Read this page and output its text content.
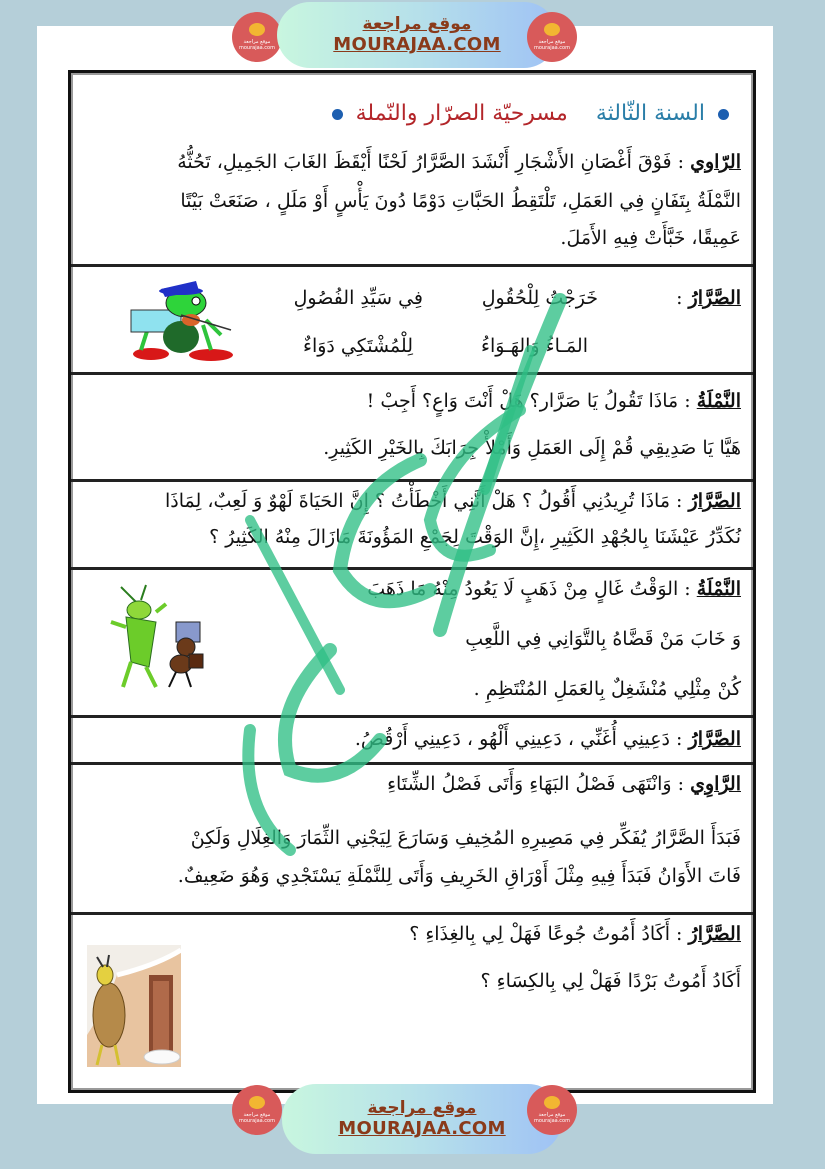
موقع مراجعة
mourajaa.com
موقع مراجعة
MOURAJAA.COM	موقع مراجعة
mourajaa.com
السنة الثّالثة    مسرحيّة الصرّار والنّملة
الرّاوي : فَوْقَ أَغْصَانِ الأَشْجَارِ أَنْشَدَ الصَّرَّارُ لَحْنًا أَيْقَظَ الغَابَ الجَمِيلِ، تَحُثُّهُ
النَّمْلَةُ بِتَفَانٍ فِي العَمَلِ، تَلْتَقِطُ الحَبَّاتِ دَوْمًا دُونَ يَأْسٍ أَوْ مَلَلٍ ، صَنَعَتْ بَيْتًا
عَمِيقًا، خَبَّأَتْ فِيهِ الأَمَلَ.
الصَّرَّارُ :
خَرَجْتُ لِلْحُقُولِ
فِي سَيِّدِ الفُصُولِ
المَـاءُ وَالهَـوَاءُ
لِلْمُشْتَكِي دَوَاءٌ
النَّمْلَةُ : مَاذَا تَقُولُ يَا صَرَّار؟ هَلْ أَنْتَ وَاعٍ؟ أَجِبْ !
هَيَّا يَا صَدِيقِي قُمْ إِلَى العَمَلِ وَأَمْلأْ جِرَابَكَ بِالخَيْرِ الكَثِيرِ.
الصَّرَّارُ : مَاذَا تُرِيدُنِي أَقُولُ ؟ هَلْ أَنَّنِي أَخْطَأْتُ ؟ إِنَّ الحَيَاةَ لَهْوٌ وَ لَعِبٌ، لِمَاذَا
نُكَدِّرُ عَيْشَنَا بِالجُهْدِ الكَثِيرِ ،إِنَّ الوَقْتَ لِجَمْعِ المَؤُونَةَ مَازَالَ مِنْهُ الكَثِيرُ ؟
النَّمْلَةُ : الوَقْتُ غَالٍ مِنْ ذَهَبٍ لَا يَعُودُ مِنْهُ مَا ذَهَبَ
وَ خَابَ مَنْ قَضَّاهُ بِالتَّوَانِي فِي اللَّعِبِ
كُنْ مِثْلِي مُنْشَغِلٌ بِالعَمَلِ المُنْتَظِمِ .
الصَّرَّارُ : دَعِينِي أُغَنِّي ، دَعِينِي أَلْهُو ، دَعِينِي أَرْقُصُ.
الرَّاوِي : وَانْتَهَى فَصْلُ البَهَاءِ وَأَتَى فَصْلُ الشِّتَاءِ
فَبَدَأَ الصَّرَّارُ يُفَكِّر فِي مَصِيرِهِ المُخِيفِ وَسَارَعَ لِيَجْنِي الثِّمَارَ وَالغِلَالِ وَلَكِنْ
فَاتَ الأَوَانُ فَبَدَأَ فِيهِ مِثْلَ أَوْرَاقِ الخَرِيفِ وَأَتَى لِلنَّمْلَةِ يَسْتَجْدِي وَهُوَ ضَعِيفٌ.
الصَّرَّارُ : أَكَادُ أَمُوتُ جُوعًا فَهَلْ لِي بِالغِذَاءِ ؟
أَكَادُ أَمُوتُ بَرْدًا فَهَلْ لِي بِالكِسَاءِ ؟
موقع مراجعة
mourajaa.com
موقع مراجعة
MOURAJAA.COM
موقع مراجعة
mourajaa.com
